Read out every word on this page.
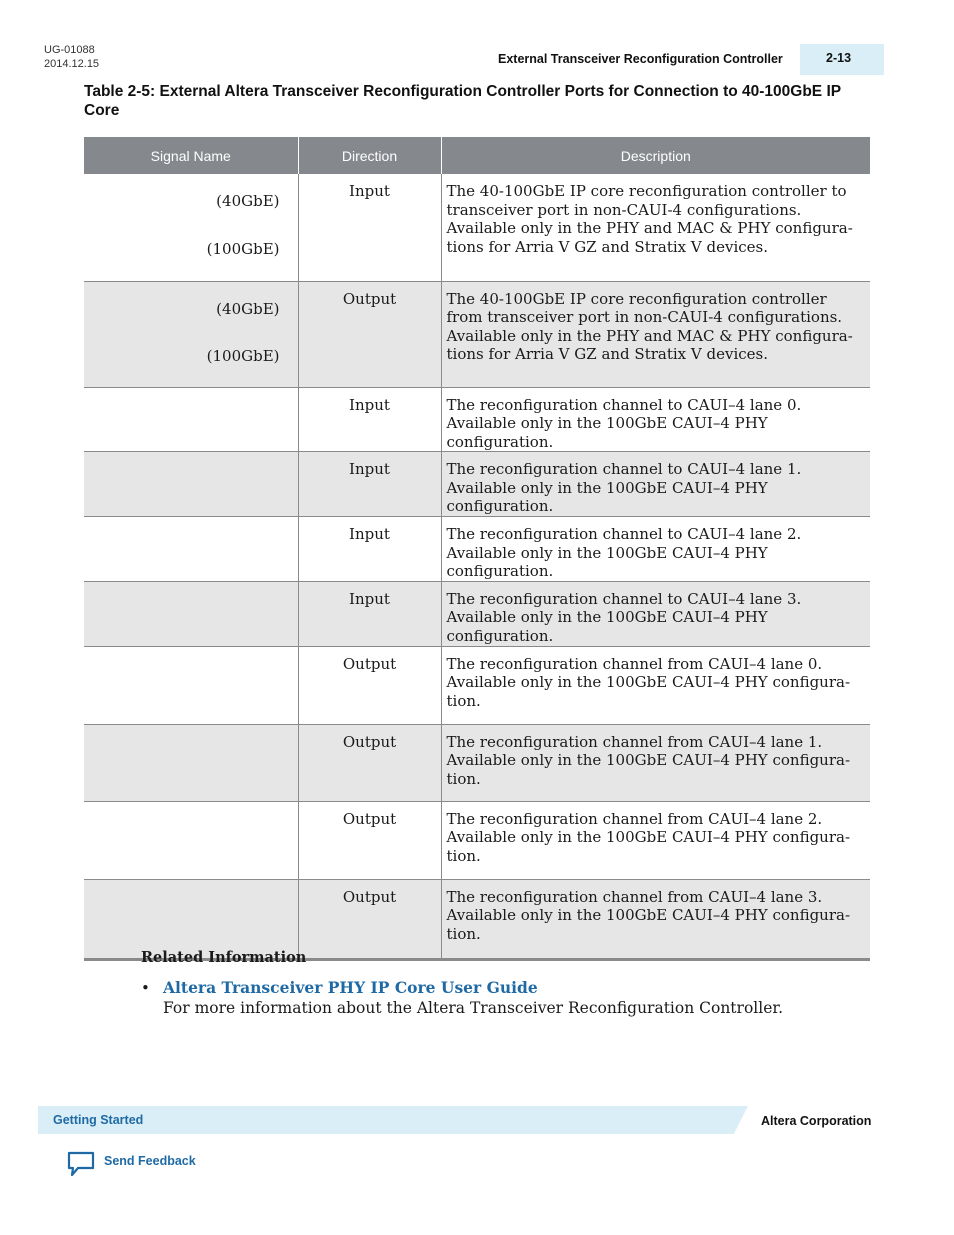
UG-01088
2014.12.15	External Transceiver Reconfiguration Controller	2-13
Table 2-5: External Altera Transceiver Reconfiguration Controller Ports for Connection to 40-100GbE IP Core
Signal Name	Direction	Description

(40GbE)
(100GbE)	Input	The 40-100GbE IP core reconfiguration controller to transceiver port in non-CAUI-4 configurations. Available only in the PHY and MAC & PHY configura-tions for Arria V GZ and Stratix V devices.

(40GbE)
(100GbE)	Output	The 40-100GbE IP core reconfiguration controller from transceiver port in non-CAUI-4 configurations. Available only in the PHY and MAC & PHY configura-tions for Arria V GZ and Stratix V devices.
	Input	The reconfiguration channel to CAUI–4 lane 0. Available only in the 100GbE CAUI–4 PHY configuration.
	Input	The reconfiguration channel to CAUI–4 lane 1. Available only in the 100GbE CAUI–4 PHY configuration.
	Input	The reconfiguration channel to CAUI–4 lane 2. Available only in the 100GbE CAUI–4 PHY configuration.
	Input	The reconfiguration channel to CAUI–4 lane 3. Available only in the 100GbE CAUI–4 PHY configuration.
	Output	The reconfiguration channel from CAUI–4 lane 0. Available only in the 100GbE CAUI–4 PHY configura-tion.
	Output	The reconfiguration channel from CAUI–4 lane 1. Available only in the 100GbE CAUI–4 PHY configura-tion.
	Output	The reconfiguration channel from CAUI–4 lane 2. Available only in the 100GbE CAUI–4 PHY configura-tion.
	Output	The reconfiguration channel from CAUI–4 lane 3. Available only in the 100GbE CAUI–4 PHY configura-tion.
Related Information
• Altera Transceiver PHY IP Core User Guide
For more information about the Altera Transceiver Reconfiguration Controller.
Getting Started	Altera Corporation
Send Feedback
